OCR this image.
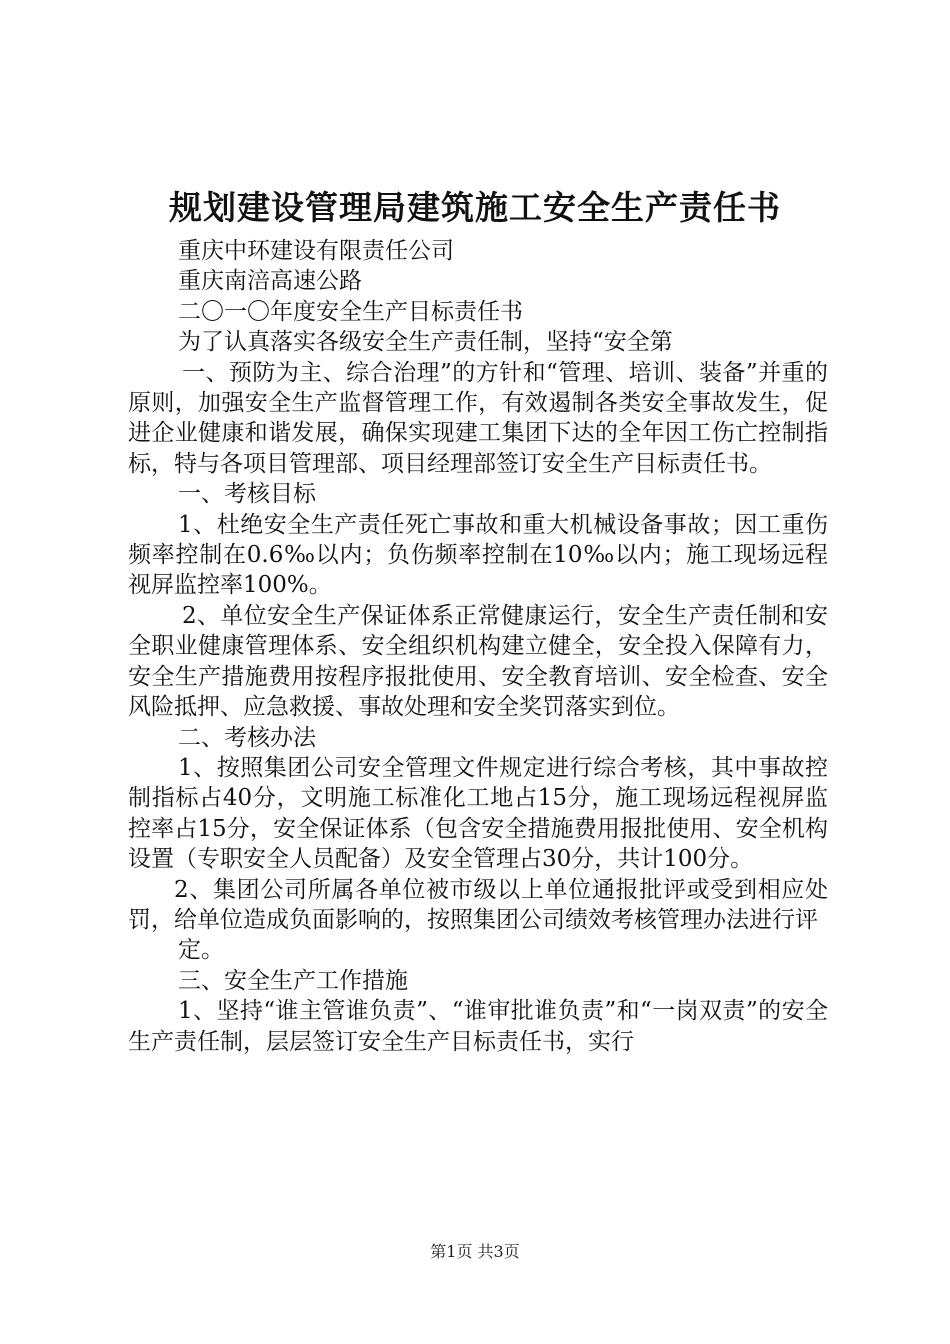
规划建设管理局建筑施工安全生产责任书

重庆中环建设有限责任公司

重庆南涪高速公路

二〇一〇年度安全生产目标责任书

为了认真落实各级安全生产责任制，坚持“安全第

一、预防为主、综合治理”的方针和“管理、培训、装备”并重的原则，加强安全生产监督管理工作，有效遏制各类安全事故发生，促进企业健康和谐发展，确保实现建工集团下达的全年因工伤亡控制指标，特与各项目管理部、项目经理部签订安全生产目标责任书。

一、考核目标

1、杜绝安全生产责任死亡事故和重大机械设备事故；因工重伤频率控制在0.6‰以内；负伤频率控制在10‰以内；施工现场远程视屏监控率100%。

2、单位安全生产保证体系正常健康运行，安全生产责任制和安全职业健康管理体系、安全组织机构建立健全，安全投入保障有力，安全生产措施费用按程序报批使用、安全教育培训、安全检查、安全风险抵押、应急救援、事故处理和安全奖罚落实到位。

二、考核办法

1、按照集团公司安全管理文件规定进行综合考核，其中事故控制指标占40分，文明施工标准化工地占15分，施工现场远程视屏监控率占15分，安全保证体系（包含安全措施费用报批使用、安全机构设置（专职安全人员配备）及安全管理占30分，共计100分。

2、集团公司所属各单位被市级以上单位通报批评或受到相应处罚，给单位造成负面影响的，按照集团公司绩效考核管理办法进行评

定。

三、安全生产工作措施

1、坚持“谁主管谁负责”、“谁审批谁负责”和“一岗双责”的安全生产责任制，层层签订安全生产目标责任书，实行

第1页 共3页
